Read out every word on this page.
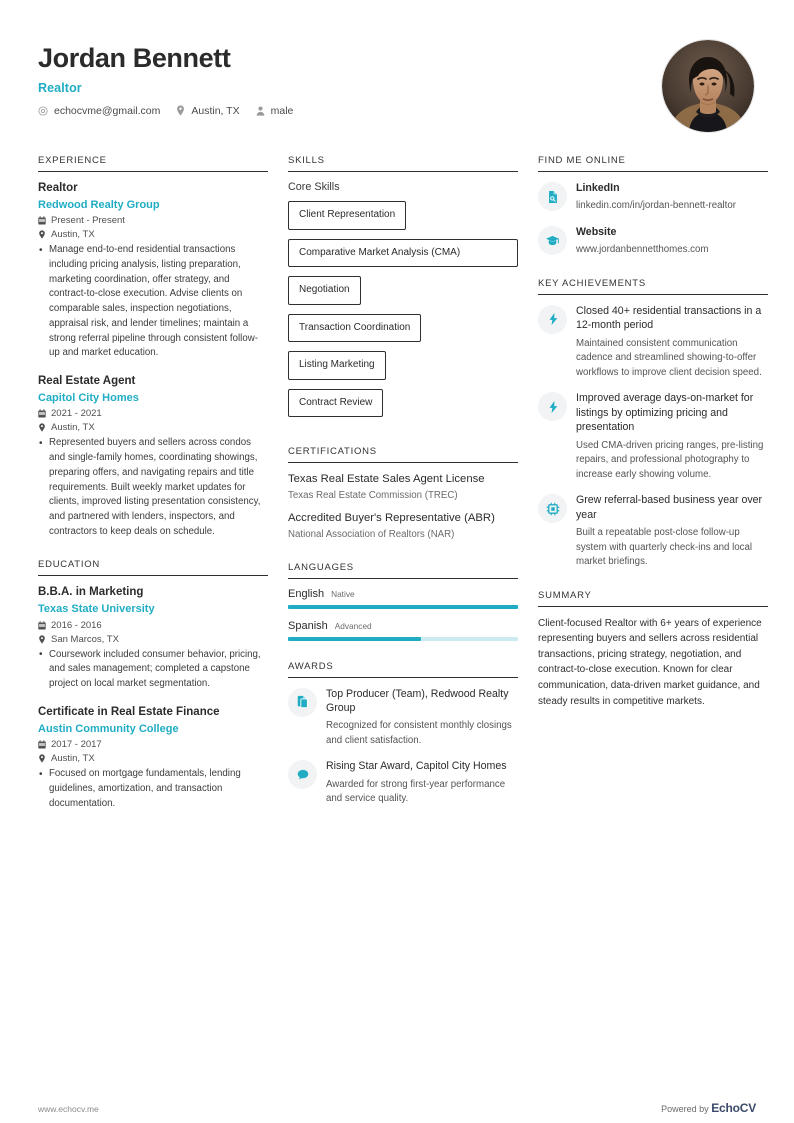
Jordan Bennett
Realtor
echocvme@gmail.com	Austin, TX	male
EXPERIENCE
Realtor
Redwood Realty Group
Present - Present
Austin, TX
• Manage end-to-end residential transactions including pricing analysis, listing preparation, marketing coordination, offer strategy, and contract-to-close execution. Advise clients on comparable sales, inspection negotiations, appraisal risk, and lender timelines; maintain a strong referral pipeline through consistent follow-up and market education.
Real Estate Agent
Capitol City Homes
2021 - 2021
Austin, TX
• Represented buyers and sellers across condos and single-family homes, coordinating showings, preparing offers, and navigating repairs and title requirements. Built weekly market updates for clients, improved listing presentation consistency, and partnered with lenders, inspectors, and contractors to keep deals on schedule.
EDUCATION
B.B.A. in Marketing
Texas State University
2016 - 2016
San Marcos, TX
• Coursework included consumer behavior, pricing, and sales management; completed a capstone project on local market segmentation.
Certificate in Real Estate Finance
Austin Community College
2017 - 2017
Austin, TX
• Focused on mortgage fundamentals, lending guidelines, amortization, and transaction documentation.
SKILLS
Core Skills
Client Representation
Comparative Market Analysis (CMA)
Negotiation
Transaction Coordination
Listing Marketing
Contract Review
CERTIFICATIONS
Texas Real Estate Sales Agent License
Texas Real Estate Commission (TREC)
Accredited Buyer's Representative (ABR)
National Association of Realtors (NAR)
LANGUAGES
English Native
Spanish Advanced
AWARDS
Top Producer (Team), Redwood Realty Group
Recognized for consistent monthly closings and client satisfaction.
Rising Star Award, Capitol City Homes
Awarded for strong first-year performance and service quality.
FIND ME ONLINE
LinkedIn
linkedin.com/in/jordan-bennett-realtor
Website
www.jordanbennetthomes.com
KEY ACHIEVEMENTS
Closed 40+ residential transactions in a 12-month period
Maintained consistent communication cadence and streamlined showing-to-offer workflows to improve client decision speed.
Improved average days-on-market for listings by optimizing pricing and presentation
Used CMA-driven pricing ranges, pre-listing repairs, and professional photography to increase early showing volume.
Grew referral-based business year over year
Built a repeatable post-close follow-up system with quarterly check-ins and local market briefings.
SUMMARY
Client-focused Realtor with 6+ years of experience representing buyers and sellers across residential transactions, pricing strategy, negotiation, and contract-to-close execution. Known for clear communication, data-driven market guidance, and steady results in competitive markets.
www.echocv.me	Powered by EchoCV
